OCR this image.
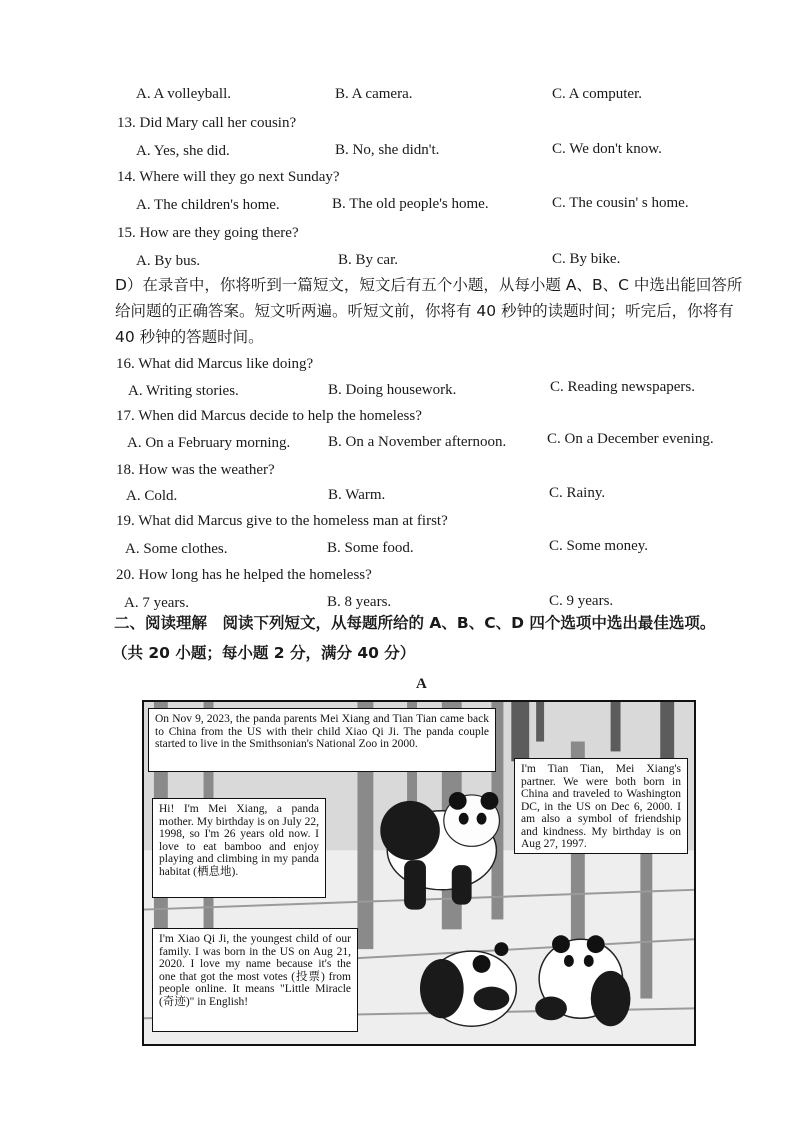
A. A volleyball.	B. A camera.	C. A computer.
13. Did Mary call her cousin?
A. Yes, she did.	B. No, she didn't.	C. We don't know.
14. Where will they go next Sunday?
A. The children's home.	B. The old people's home.	C. The cousin' s home.
15. How are they going there?
A. By bus.	B. By car.	C. By bike.
D）在录音中，你将听到一篇短文，短文后有五个小题，从每小题 A、B、C 中选出能回答所
给问题的正确答案。短文听两遍。听短文前，你将有 40 秒钟的读题时间；听完后，你将有
40 秒钟的答题时间。
16. What did Marcus like doing?
A. Writing stories.	B. Doing housework.	C. Reading newspapers.
17. When did Marcus decide to help the homeless?
A. On a February morning.	B. On a November afternoon.	C. On a December evening.
18. How was the weather?
A. Cold.	B. Warm.	C. Rainy.
19. What did Marcus give to the homeless man at first?
A. Some clothes.	B. Some food.	C. Some money.
20. How long has he helped the homeless?
A. 7 years.	B. 8 years.	C. 9 years.
二、阅读理解　阅读下列短文，从每题所给的 A、B、C、D 四个选项中选出最佳选项。
（共 20 小题；每小题 2 分，满分 40 分）
A
On Nov 9, 2023, the panda parents Mei Xiang and Tian Tian came back to China from the US with their child Xiao Qi Ji. The panda couple started to live in the Smithsonian's National Zoo in 2000.
Hi! I'm Mei Xiang, a panda mother. My birthday is on July 22, 1998, so I'm 26 years old now. I love to eat bamboo and enjoy playing and climbing in my panda habitat (栖息地).
I'm Tian Tian, Mei Xiang's partner. We were both born in China and traveled to Washington DC, in the US on Dec 6, 2000. I am also a symbol of friendship and kindness. My birthday is on Aug 27, 1997.
I'm Xiao Qi Ji, the youngest child of our family. I was born in the US on Aug 21, 2020. I love my name because it's the one that got the most votes (投票) from people online. It means "Little Miracle (奇迹)" in English!
